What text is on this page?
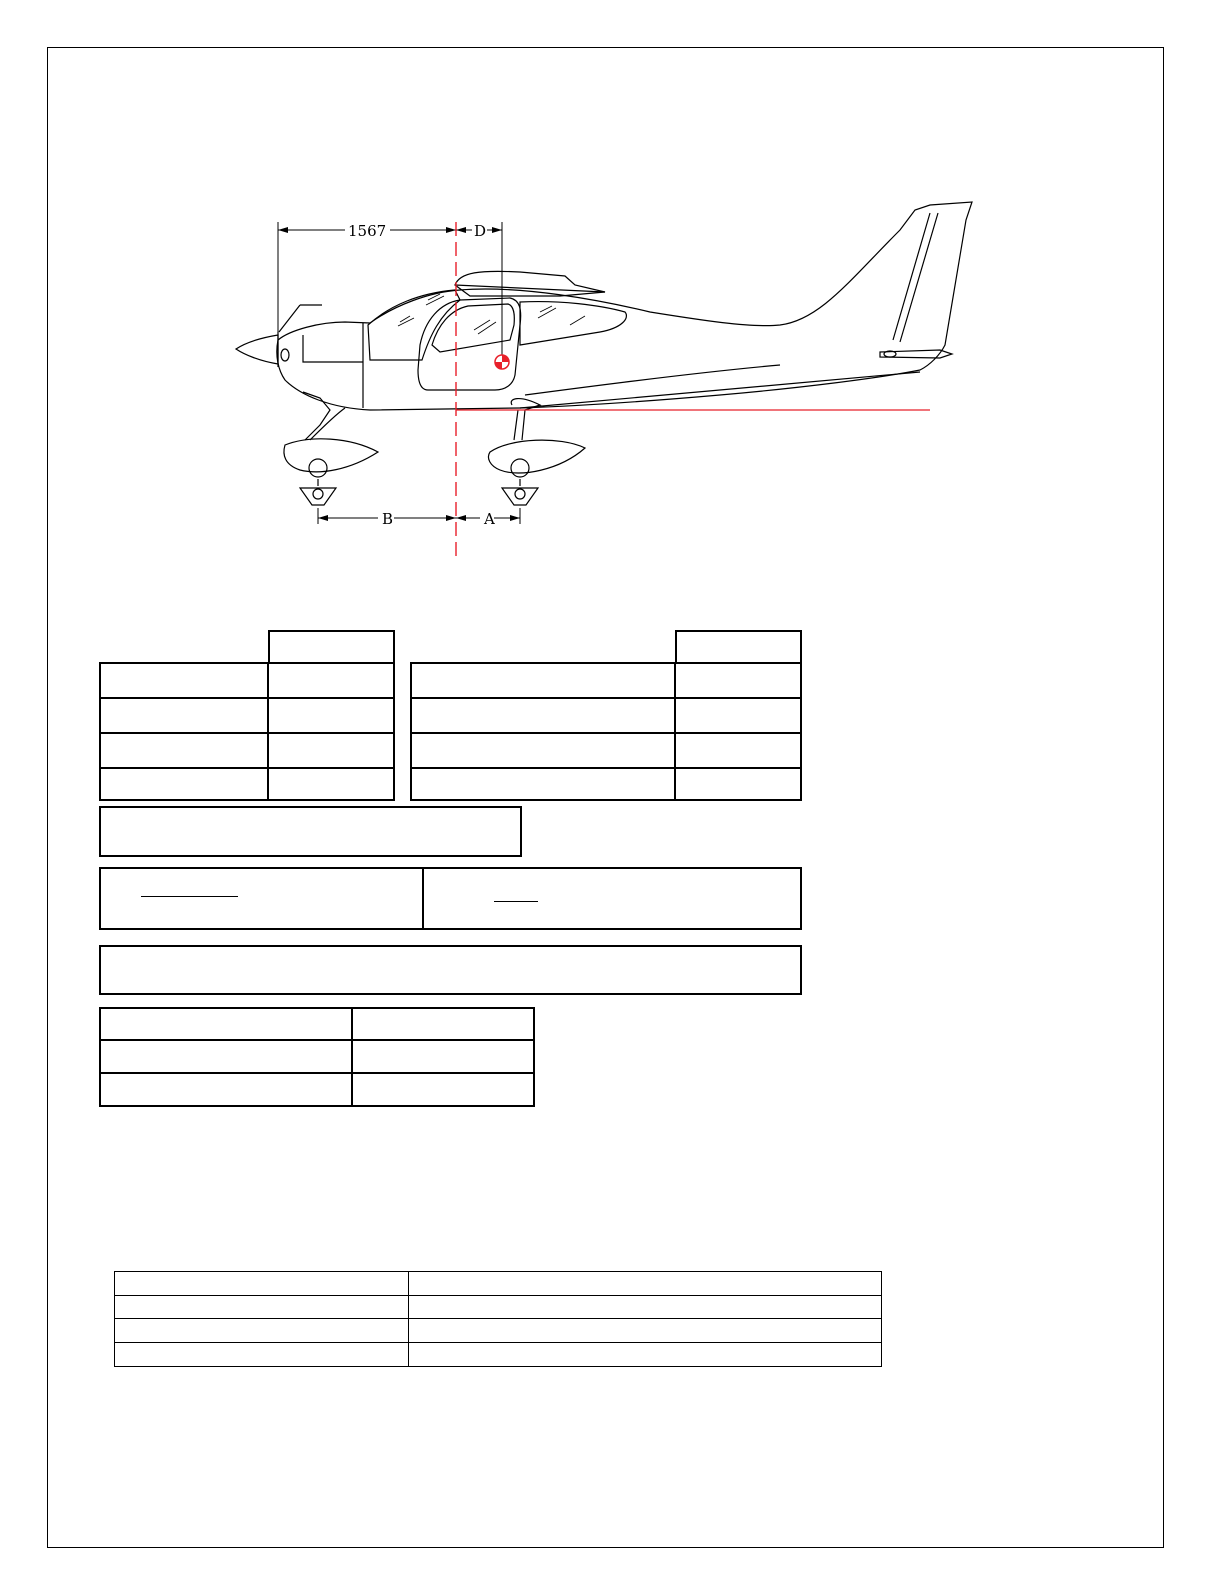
1567	D
B	A
